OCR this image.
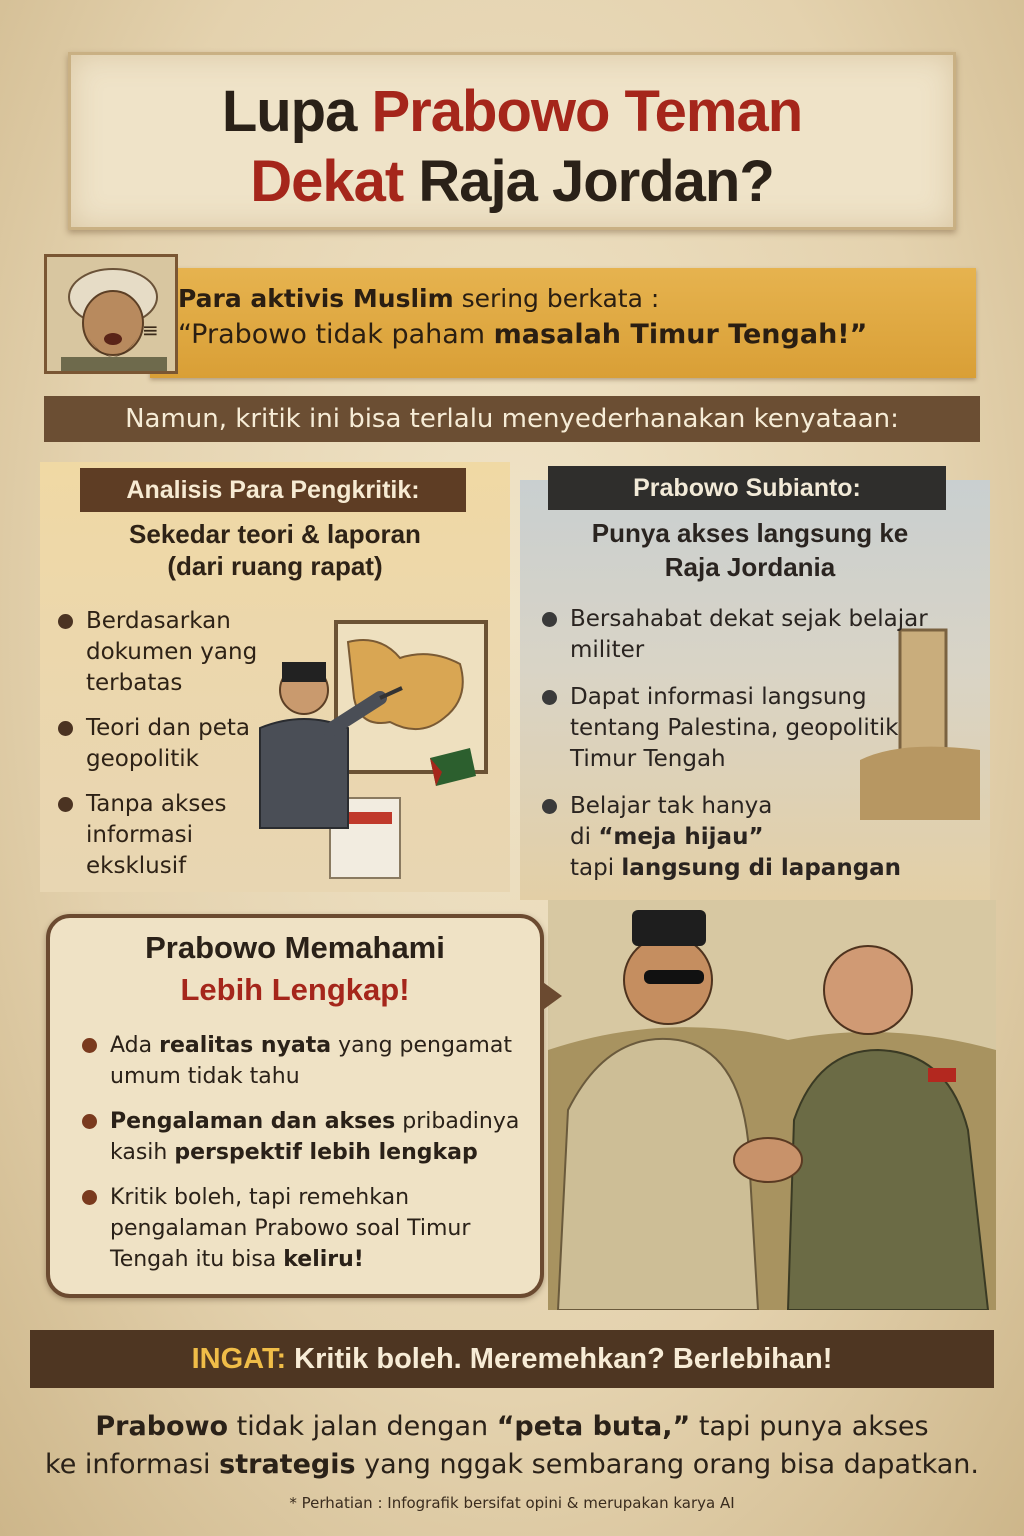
Lupa Prabowo Teman
Dekat Raja Jordan?
Para aktivis Muslim sering berkata :
“Prabowo tidak paham masalah Timur Tengah!”
≡
Namun, kritik ini bisa terlalu menyederhanakan kenyataan:
EPORT
Analisis Para Pengkritik:
Sekedar teori & laporan
(dari ruang rapat)
Berdasarkan dokumen yang terbatas
Teori dan peta geopolitik
Tanpa akses informasi eksklusif
Prabowo Subianto:
Punya akses langsung ke
Raja Jordania
Bersahabat dekat sejak belajar militer
Dapat informasi langsung tentang Palestina, geopolitik Timur Tengah
Belajar tak hanya
di “meja hijau”
tapi langsung di lapangan
Prabowo Memahami
Lebih Lengkap!
Ada realitas nyata yang pengamat umum tidak tahu
Pengalaman dan akses pribadinya kasih perspektif lebih lengkap
Kritik boleh, tapi remehkan pengalaman Prabowo soal Timur Tengah itu bisa keliru!
INGAT: Kritik boleh. Meremehkan? Berlebihan!
Prabowo tidak jalan dengan “peta buta,” tapi punya akses
ke informasi strategis yang nggak sembarang orang bisa dapatkan.
* Perhatian : Infografik bersifat opini & merupakan karya AI
